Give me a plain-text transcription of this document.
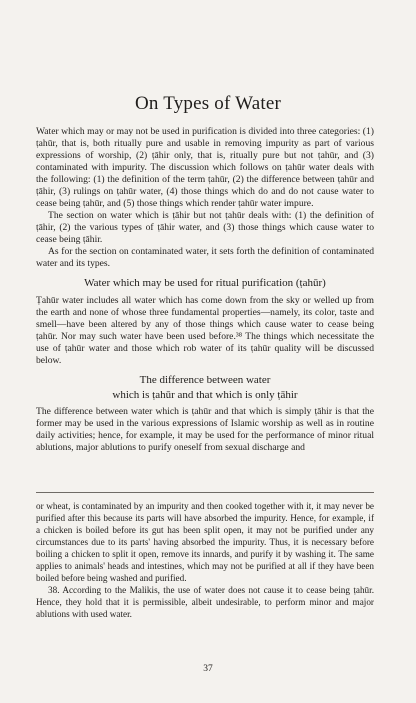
On Types of Water

Water which may or may not be used in purification is divided into three categories: (1) ṭahūr, that is, both ritually pure and usable in removing impurity as part of various expressions of worship, (2) ṭāhir only, that is, ritually pure but not ṭahūr, and (3) contaminated with impurity. The discussion which follows on ṭahūr water deals with the following: (1) the definition of the term ṭahūr, (2) the difference between ṭahūr and ṭāhir, (3) rulings on ṭahūr water, (4) those things which do and do not cause water to cease being ṭahūr, and (5) those things which render ṭahūr water impure.

The section on water which is ṭāhir but not ṭahūr deals with: (1) the definition of ṭāhir, (2) the various types of ṭāhir water, and (3) those things which cause water to cease being ṭāhir.

As for the section on contaminated water, it sets forth the definition of contaminated water and its types.

Water which may be used for ritual purification (ṭahūr)

Ṭahūr water includes all water which has come down from the sky or welled up from the earth and none of whose three fundamental properties—namely, its color, taste and smell—have been altered by any of those things which cause water to cease being ṭahūr. Nor may such water have been used before.³⁸ The things which necessitate the use of ṭahūr water and those which rob water of its ṭahūr quality will be discussed below.

The difference between water
which is ṭahūr and that which is only ṭāhir

The difference between water which is ṭahūr and that which is simply ṭāhir is that the former may be used in the various expressions of Islamic worship as well as in routine daily activities; hence, for example, it may be used for the performance of minor ritual ablutions, major ablutions to purify oneself from sexual discharge and

or wheat, is contaminated by an impurity and then cooked together with it, it may never be purified after this because its parts will have absorbed the impurity. Hence, for example, if a chicken is boiled before its gut has been split open, it may not be purified under any circumstances due to its parts' having absorbed the impurity. Thus, it is necessary before boiling a chicken to split it open, remove its innards, and purify it by washing it. The same applies to animals' heads and intestines, which may not be purified at all if they have been boiled before being washed and purified.

38. According to the Malikis, the use of water does not cause it to cease being ṭahūr. Hence, they hold that it is permissible, albeit undesirable, to perform minor and major ablutions with used water.

37
